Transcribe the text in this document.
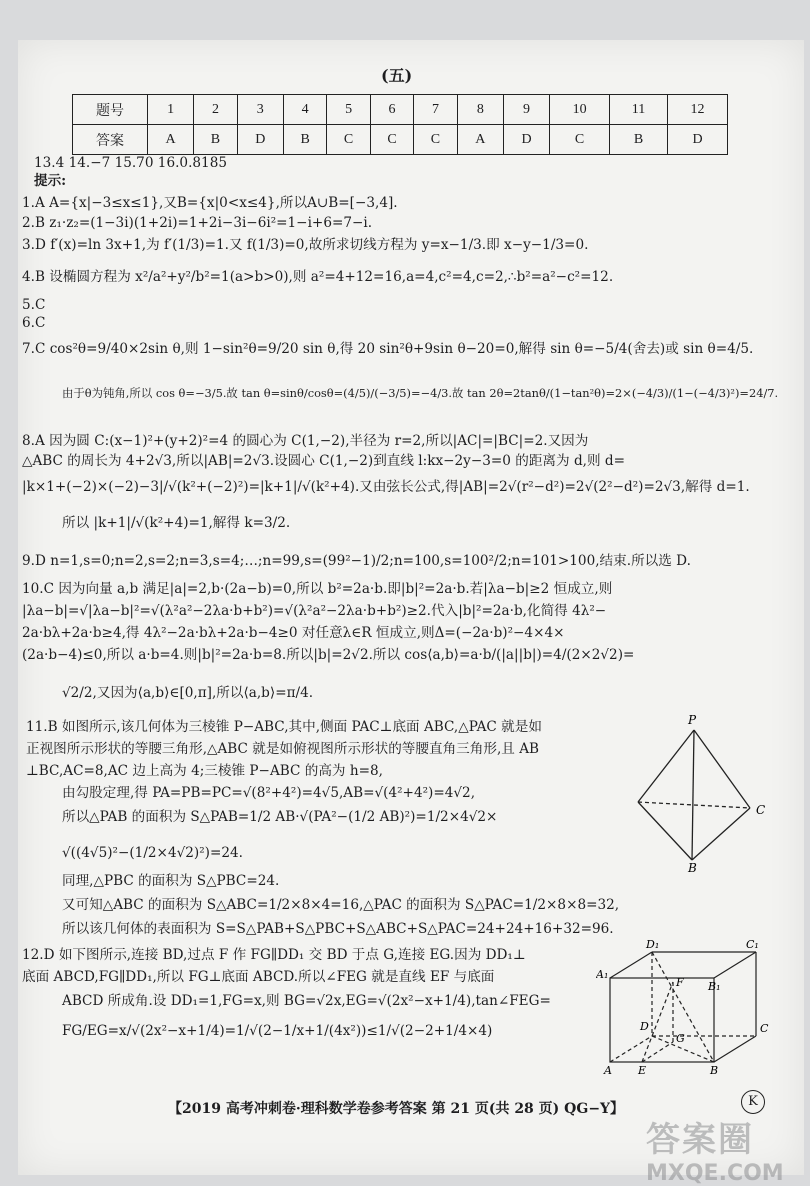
(五)
题号	1	2	3	4	5	6	7	8	9	10	11	12
答案	A	B	D	B	C	C	C	A	D	C	B	D
13.4 14.−7 15.70 16.0.8185
提示:
1.A A={x|−3≤x≤1},又B={x|0<x≤4},所以A∪B=[−3,4].
2.B z₁·z₂=(1−3i)(1+2i)=1+2i−3i−6i²=1−i+6=7−i.
3.D f′(x)=ln 3x+1,为 f′(1/3)=1.又 f(1/3)=0,故所求切线方程为 y=x−1/3.即 x−y−1/3=0.
4.B 设椭圆方程为 x²/a²+y²/b²=1(a>b>0),则 a²=4+12=16,a=4,c²=4,c=2,∴b²=a²−c²=12.
5.C
6.C
7.C cos²θ=9/40×2sin θ,则 1−sin²θ=9/20 sin θ,得 20 sin²θ+9sin θ−20=0,解得 sin θ=−5/4(舍去)或 sin θ=4/5.
由于θ为钝角,所以 cos θ=−3/5.故 tan θ=sinθ/cosθ=(4/5)/(−3/5)=−4/3.故 tan 2θ=2tanθ/(1−tan²θ)=2×(−4/3)/(1−(−4/3)²)=24/7.
8.A 因为圆 C:(x−1)²+(y+2)²=4 的圆心为 C(1,−2),半径为 r=2,所以|AC|=|BC|=2.又因为
△ABC 的周长为 4+2√3,所以|AB|=2√3.设圆心 C(1,−2)到直线 l:kx−2y−3=0 的距离为 d,则 d=
|k×1+(−2)×(−2)−3|/√(k²+(−2)²)=|k+1|/√(k²+4).又由弦长公式,得|AB|=2√(r²−d²)=2√(2²−d²)=2√3,解得 d=1.
所以 |k+1|/√(k²+4)=1,解得 k=3/2.
9.D n=1,s=0;n=2,s=2;n=3,s=4;…;n=99,s=(99²−1)/2;n=100,s=100²/2;n=101>100,结束.所以选 D.
10.C 因为向量 a,b 满足|a|=2,b·(2a−b)=0,所以 b²=2a·b.即|b|²=2a·b.若|λa−b|≥2 恒成立,则
|λa−b|=√|λa−b|²=√(λ²a²−2λa·b+b²)=√(λ²a²−2λa·b+b²)≥2.代入|b|²=2a·b,化简得 4λ²−
2a·bλ+2a·b≥4,得 4λ²−2a·bλ+2a·b−4≥0 对任意λ∈R 恒成立,则Δ=(−2a·b)²−4×4×
(2a·b−4)≤0,所以 a·b=4.则|b|²=2a·b=8.所以|b|=2√2.所以 cos⟨a,b⟩=a·b/(|a||b|)=4/(2×2√2)=
√2/2,又因为⟨a,b⟩∈[0,π],所以⟨a,b⟩=π/4.
11.B 如图所示,该几何体为三棱锥 P−ABC,其中,侧面 PAC⊥底面 ABC,△PAC 就是如
正视图所示形状的等腰三角形,△ABC 就是如俯视图所示形状的等腰直角三角形,且 AB
⊥BC,AC=8,AC 边上高为 4;三棱锥 P−ABC 的高为 h=8,
由勾股定理,得 PA=PB=PC=√(8²+4²)=4√5,AB=√(4²+4²)=4√2,
所以△PAB 的面积为 S△PAB=1/2 AB·√(PA²−(1/2 AB)²)=1/2×4√2×
√((4√5)²−(1/2×4√2)²)=24.
同理,△PBC 的面积为 S△PBC=24.
又可知△ABC 的面积为 S△ABC=1/2×8×4=16,△PAC 的面积为 S△PAC=1/2×8×8=32,
所以该几何体的表面积为 S=S△PAB+S△PBC+S△ABC+S△PAC=24+24+16+32=96.
12.D 如下图所示,连接 BD,过点 F 作 FG∥DD₁ 交 BD 于点 G,连接 EG.因为 DD₁⊥
底面 ABCD,FG∥DD₁,所以 FG⊥底面 ABCD.所以∠FEG 就是直线 EF 与底面
ABCD 所成角.设 DD₁=1,FG=x,则 BG=√2x,EG=√(2x²−x+1/4),tan∠FEG=
FG/EG=x/√(2x²−x+1/4)=1/√(2−1/x+1/(4x²))≤1/√(2−2+1/4×4)
P
C
B
D₁	C₁
A₁
B₁
F
D	C
G
A E	B
【2019 高考冲刺卷·理科数学卷参考答案 第 21 页(共 28 页) QG−Y】	K
答案圈
MXQE.COM
